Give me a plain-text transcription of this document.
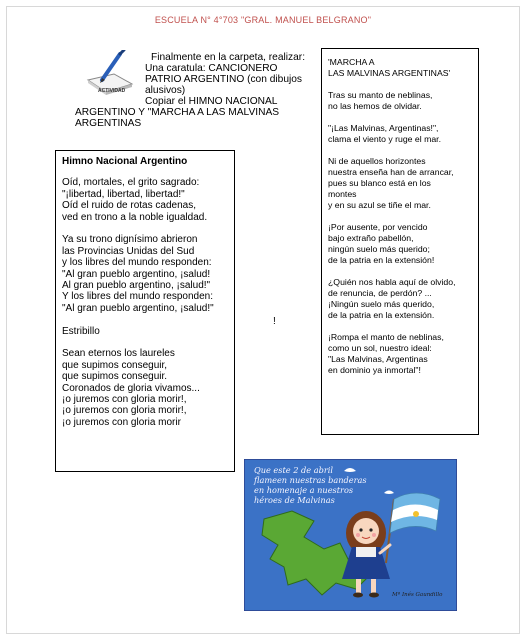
ESCUELA N° 4°703 "GRAL. MANUEL BELGRANO"
ACTIVIDAD
Finalmente en la carpeta, realizar:
Una caratula: CANCIONERO
PATRIO ARGENTINO (con dibujos
alusivos)
Copiar el HIMNO NACIONAL
ARGENTINO Y "MARCHA A LAS MALVINAS
ARGENTINAS
Himno Nacional Argentino
Oíd, mortales, el grito sagrado:
"¡libertad, libertad, libertad!"
Oíd el ruido de rotas cadenas,
ved en trono a la noble igualdad.
Ya su trono dignísimo abrieron
las Provincias Unidas del Sud
y los libres del mundo responden:
"Al gran pueblo argentino, ¡salud!
Al gran pueblo argentino, ¡salud!"
Y los libres del mundo responden:
"Al gran pueblo argentino, ¡salud!"
Estribillo
Sean eternos los laureles
que supimos conseguir,
que supimos conseguir.
Coronados de gloria vivamos...
¡o juremos con gloria morir!,
¡o juremos con gloria morir!,
¡o juremos con gloria morir
!
'MARCHA A
LAS MALVINAS ARGENTINAS'
Tras su manto de neblinas,
no las hemos de olvidar.
"¡Las Malvinas, Argentinas!",
clama el viento y ruge el mar.
Ni de aquellos horizontes
nuestra enseña han de arrancar,
pues su blanco está en los
montes
y en su azul se tiñe el mar.
¡Por ausente, por vencido
bajo extraño pabellón,
ningún suelo más querido;
de la patria en la extensión!
¿Quién nos habla aquí de olvido,
de renuncia, de perdón? ...
¡Ningún suelo más querido,
de la patria en la extensión.
¡Rompa el manto de neblinas,
como un sol, nuestro ideal:
"Las Malvinas, Argentinas
en dominio ya inmortal"!
Que este 2 de abril
flameen nuestras banderas
en homenaje a nuestros
héroes de Malvinas
Mª Inés Gaundillo
